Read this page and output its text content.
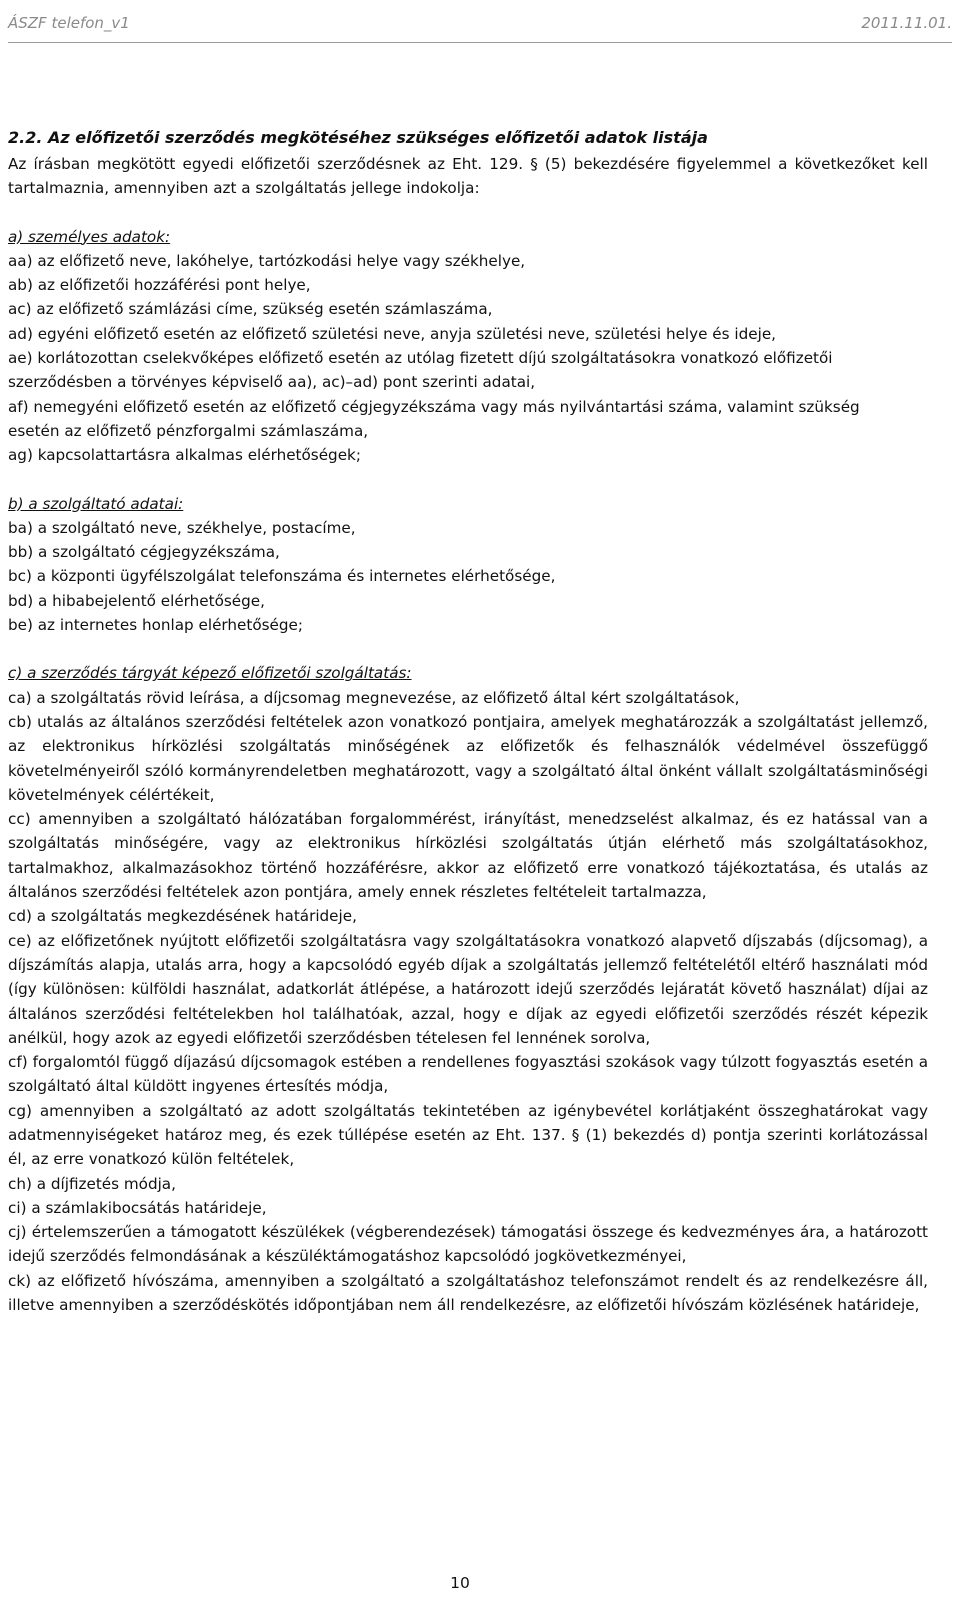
ÁSZF telefon_v1	2011.11.01.

2.2. Az előfizetői szerződés megkötéséhez szükséges előfizetői adatok listája

Az írásban megkötött egyedi előfizetői szerződésnek az Eht. 129. § (5) bekezdésére figyelemmel a következőket kell tartalmaznia, amennyiben azt a szolgáltatás jellege indokolja:

a) személyes adatok:

aa) az előfizető neve, lakóhelye, tartózkodási helye vagy székhelye,

ab) az előfizetői hozzáférési pont helye,

ac) az előfizető számlázási címe, szükség esetén számlaszáma,

ad) egyéni előfizető esetén az előfizető születési neve, anyja születési neve, születési helye és ideje,

ae) korlátozottan cselekvőképes előfizető esetén az utólag fizetett díjú szolgáltatásokra vonatkozó előfizetői

szerződésben a törvényes képviselő aa), ac)–ad) pont szerinti adatai,

af) nemegyéni előfizető esetén az előfizető cégjegyzékszáma vagy más nyilvántartási száma, valamint szükség

esetén az előfizető pénzforgalmi számlaszáma,

ag) kapcsolattartásra alkalmas elérhetőségek;

b) a szolgáltató adatai:

ba) a szolgáltató neve, székhelye, postacíme,

bb) a szolgáltató cégjegyzékszáma,

bc) a központi ügyfélszolgálat telefonszáma és internetes elérhetősége,

bd) a hibabejelentő elérhetősége,

be) az internetes honlap elérhetősége;

c) a szerződés tárgyát képező előfizetői szolgáltatás:

ca) a szolgáltatás rövid leírása, a díjcsomag megnevezése, az előfizető által kért szolgáltatások,

cb) utalás az általános szerződési feltételek azon vonatkozó pontjaira, amelyek meghatározzák a szolgáltatást jellemző, az elektronikus hírközlési szolgáltatás minőségének az előfizetők és felhasználók védelmével összefüggő követelményeiről szóló kormányrendeletben meghatározott, vagy a szolgáltató által önként vállalt szolgáltatásminőségi követelmények célértékeit,

cc) amennyiben a szolgáltató hálózatában forgalommérést, irányítást, menedzselést alkalmaz, és ez hatással van a szolgáltatás minőségére, vagy az elektronikus hírközlési szolgáltatás útján elérhető más szolgáltatásokhoz, tartalmakhoz, alkalmazásokhoz történő hozzáférésre, akkor az előfizető erre vonatkozó tájékoztatása, és utalás az általános szerződési feltételek azon pontjára, amely ennek részletes feltételeit tartalmazza,

cd) a szolgáltatás megkezdésének határideje,

ce) az előfizetőnek nyújtott előfizetői szolgáltatásra vagy szolgáltatásokra vonatkozó alapvető díjszabás (díjcsomag), a díjszámítás alapja, utalás arra, hogy a kapcsolódó egyéb díjak a szolgáltatás jellemző feltételétől eltérő használati mód (így különösen: külföldi használat, adatkorlát átlépése, a határozott idejű szerződés lejáratát követő használat) díjai az általános szerződési feltételekben hol találhatóak, azzal, hogy e díjak az egyedi előfizetői szerződés részét képezik anélkül, hogy azok az egyedi előfizetői szerződésben tételesen fel lennének sorolva,

cf) forgalomtól függő díjazású díjcsomagok estében a rendellenes fogyasztási szokások vagy túlzott fogyasztás esetén a szolgáltató által küldött ingyenes értesítés módja,

cg) amennyiben a szolgáltató az adott szolgáltatás tekintetében az igénybevétel korlátjaként összeghatárokat vagy adatmennyiségeket határoz meg, és ezek túllépése esetén az Eht. 137. § (1) bekezdés d) pontja szerinti korlátozással él, az erre vonatkozó külön feltételek,

ch) a díjfizetés módja,

ci) a számlakibocsátás határideje,

cj) értelemszerűen a támogatott készülékek (végberendezések) támogatási összege és kedvezményes ára, a határozott idejű szerződés felmondásának a készüléktámogatáshoz kapcsolódó jogkövetkezményei,

ck) az előfizető hívószáma, amennyiben a szolgáltató a szolgáltatáshoz telefonszámot rendelt és az rendelkezésre áll, illetve amennyiben a szerződéskötés időpontjában nem áll rendelkezésre, az előfizetői hívószám közlésének határideje,

10
